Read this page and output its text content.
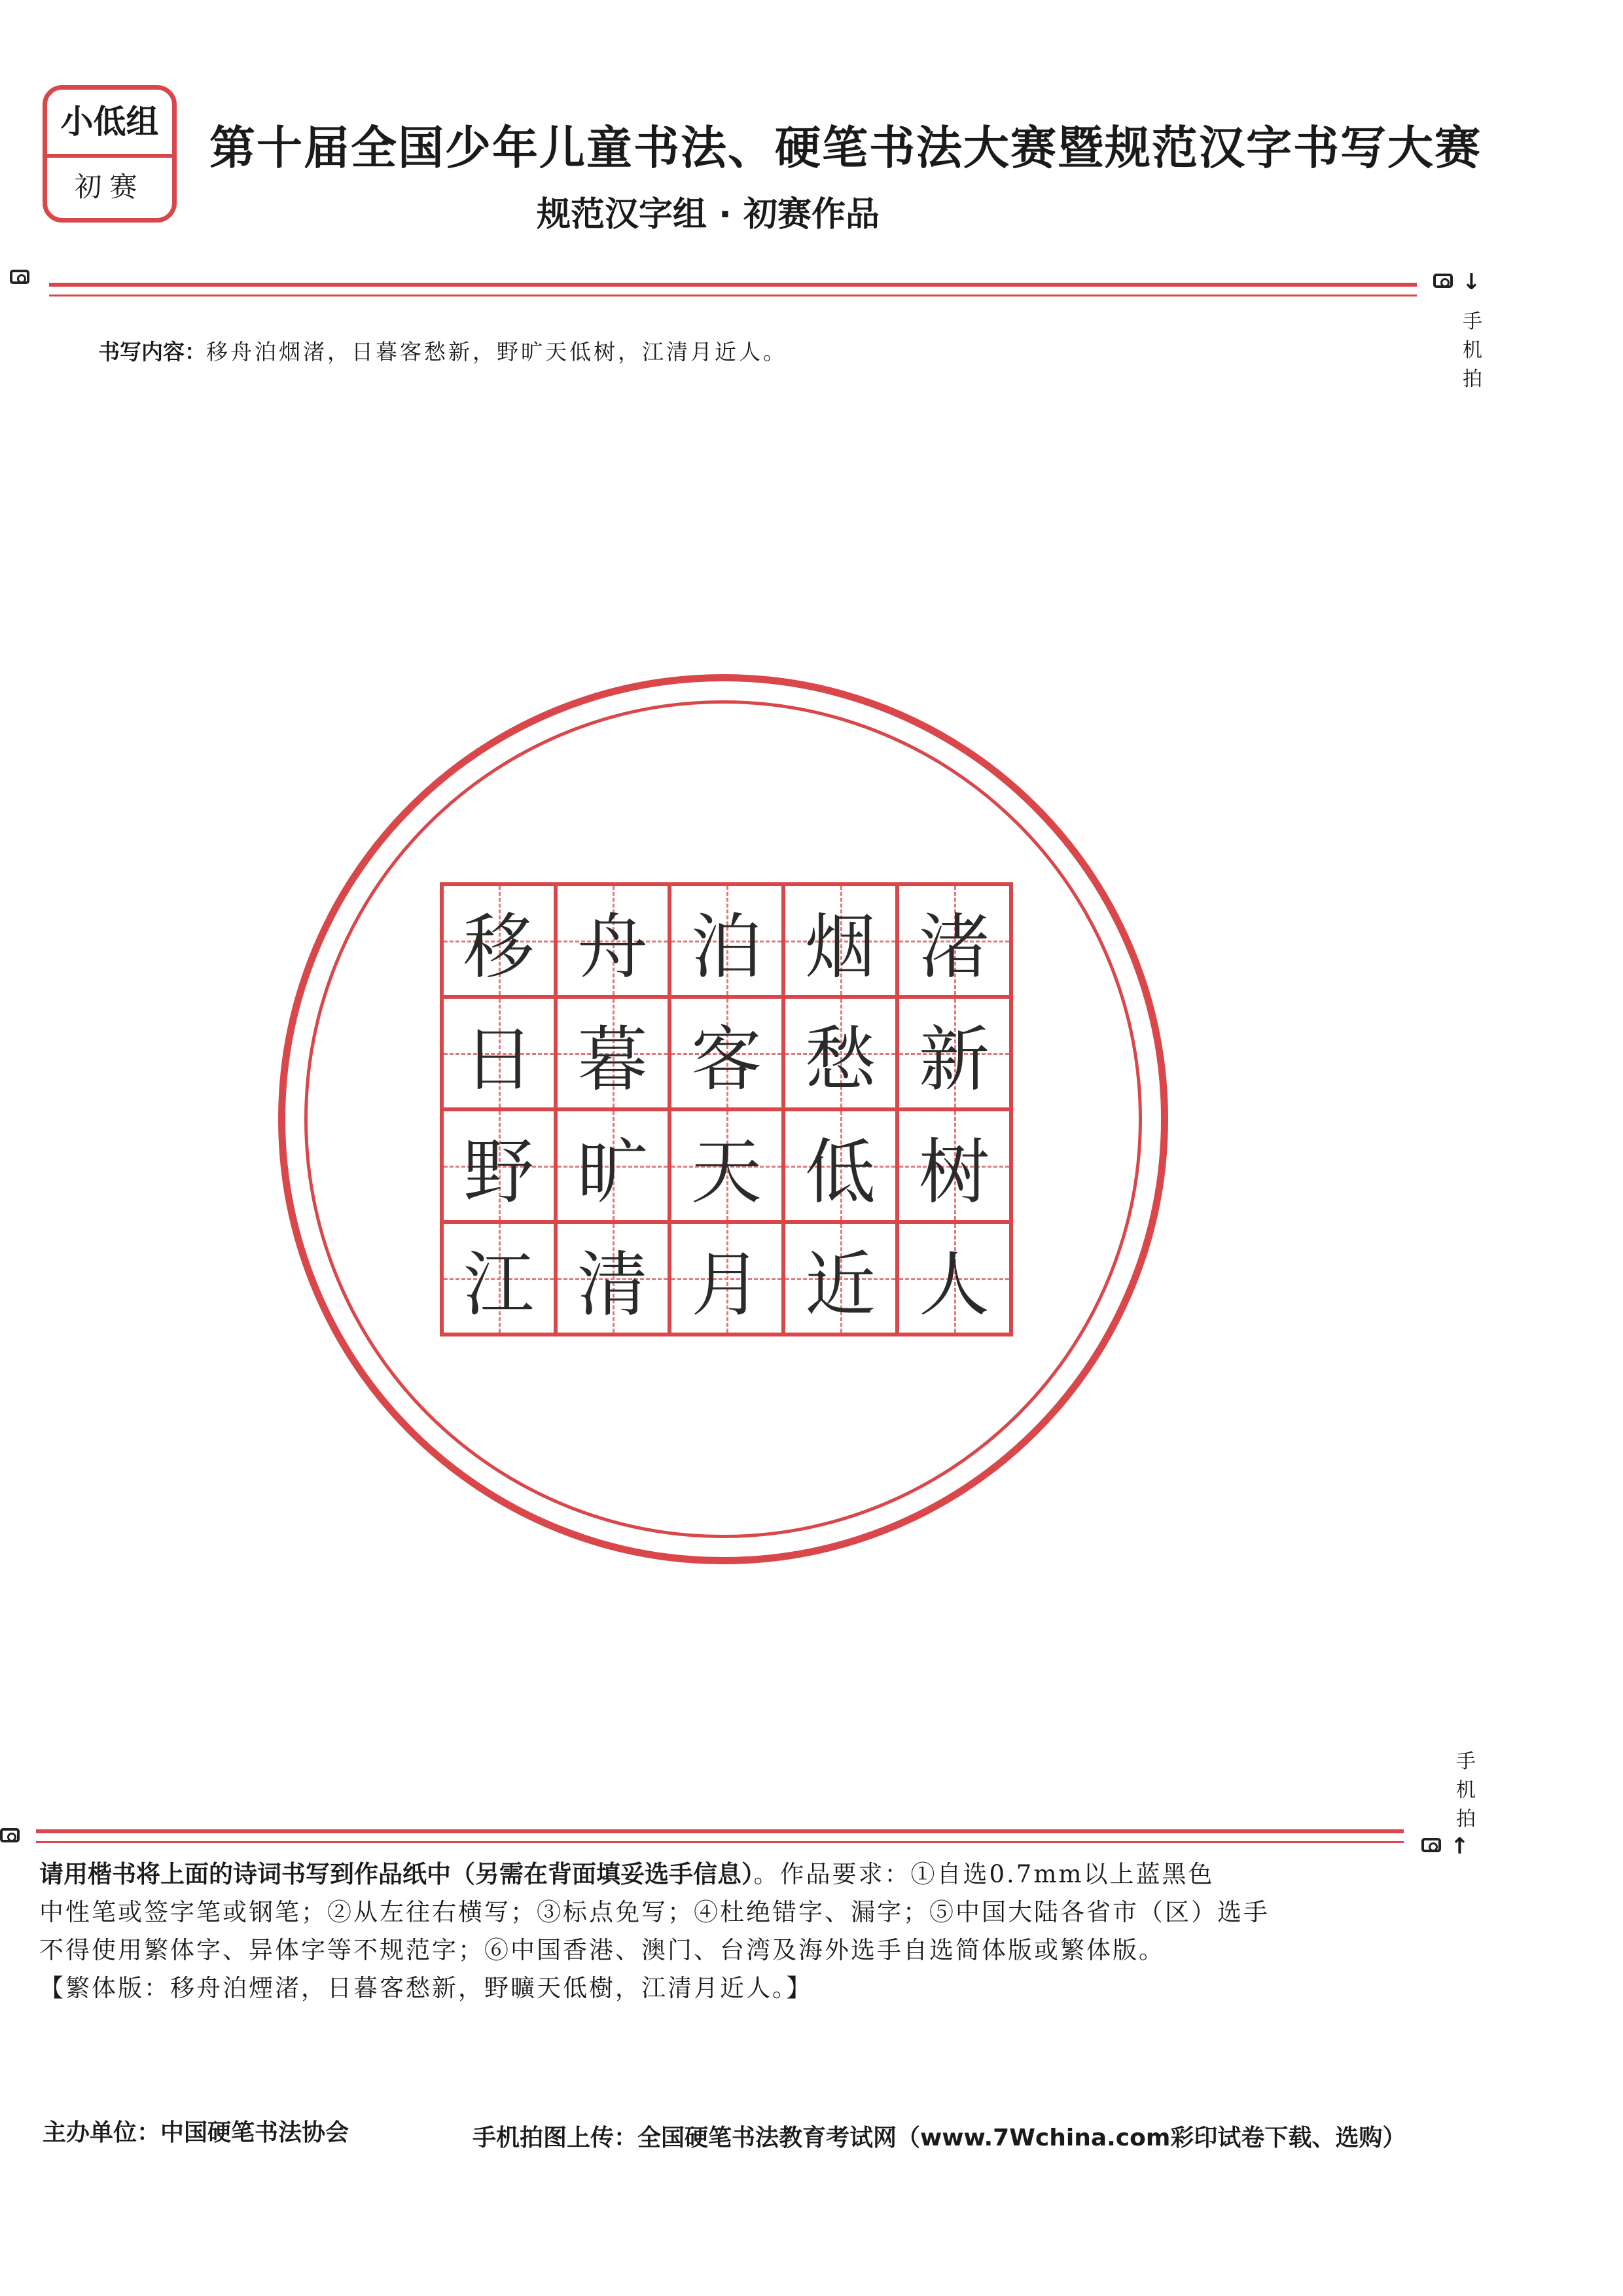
小低组
初赛
第十届全国少年儿童书法、硬笔书法大赛暨规范汉字书写大赛
规范汉字组 · 初赛作品
↓
手机拍
书写内容：移舟泊烟渚，日暮客愁新，野旷天低树，江清月近人。
移 舟 泊 烟 渚
日 暮 客 愁 新
野 旷 天 低 树
江 清 月 近 人
手机拍
↑
请用楷书将上面的诗词书写到作品纸中（另需在背面填妥选手信息）。作品要求：①自选0.7mm以上蓝黑色
中性笔或签字笔或钢笔；②从左往右横写；③标点免写；④杜绝错字、漏字；⑤中国大陆各省市（区）选手
不得使用繁体字、异体字等不规范字；⑥中国香港、澳门、台湾及海外选手自选简体版或繁体版。
【繁体版：移舟泊煙渚，日暮客愁新，野曠天低樹，江清月近人。】
主办单位：中国硬笔书法协会	手机拍图上传：全国硬笔书法教育考试网（www.7Wchina.com彩印试卷下载、选购）
